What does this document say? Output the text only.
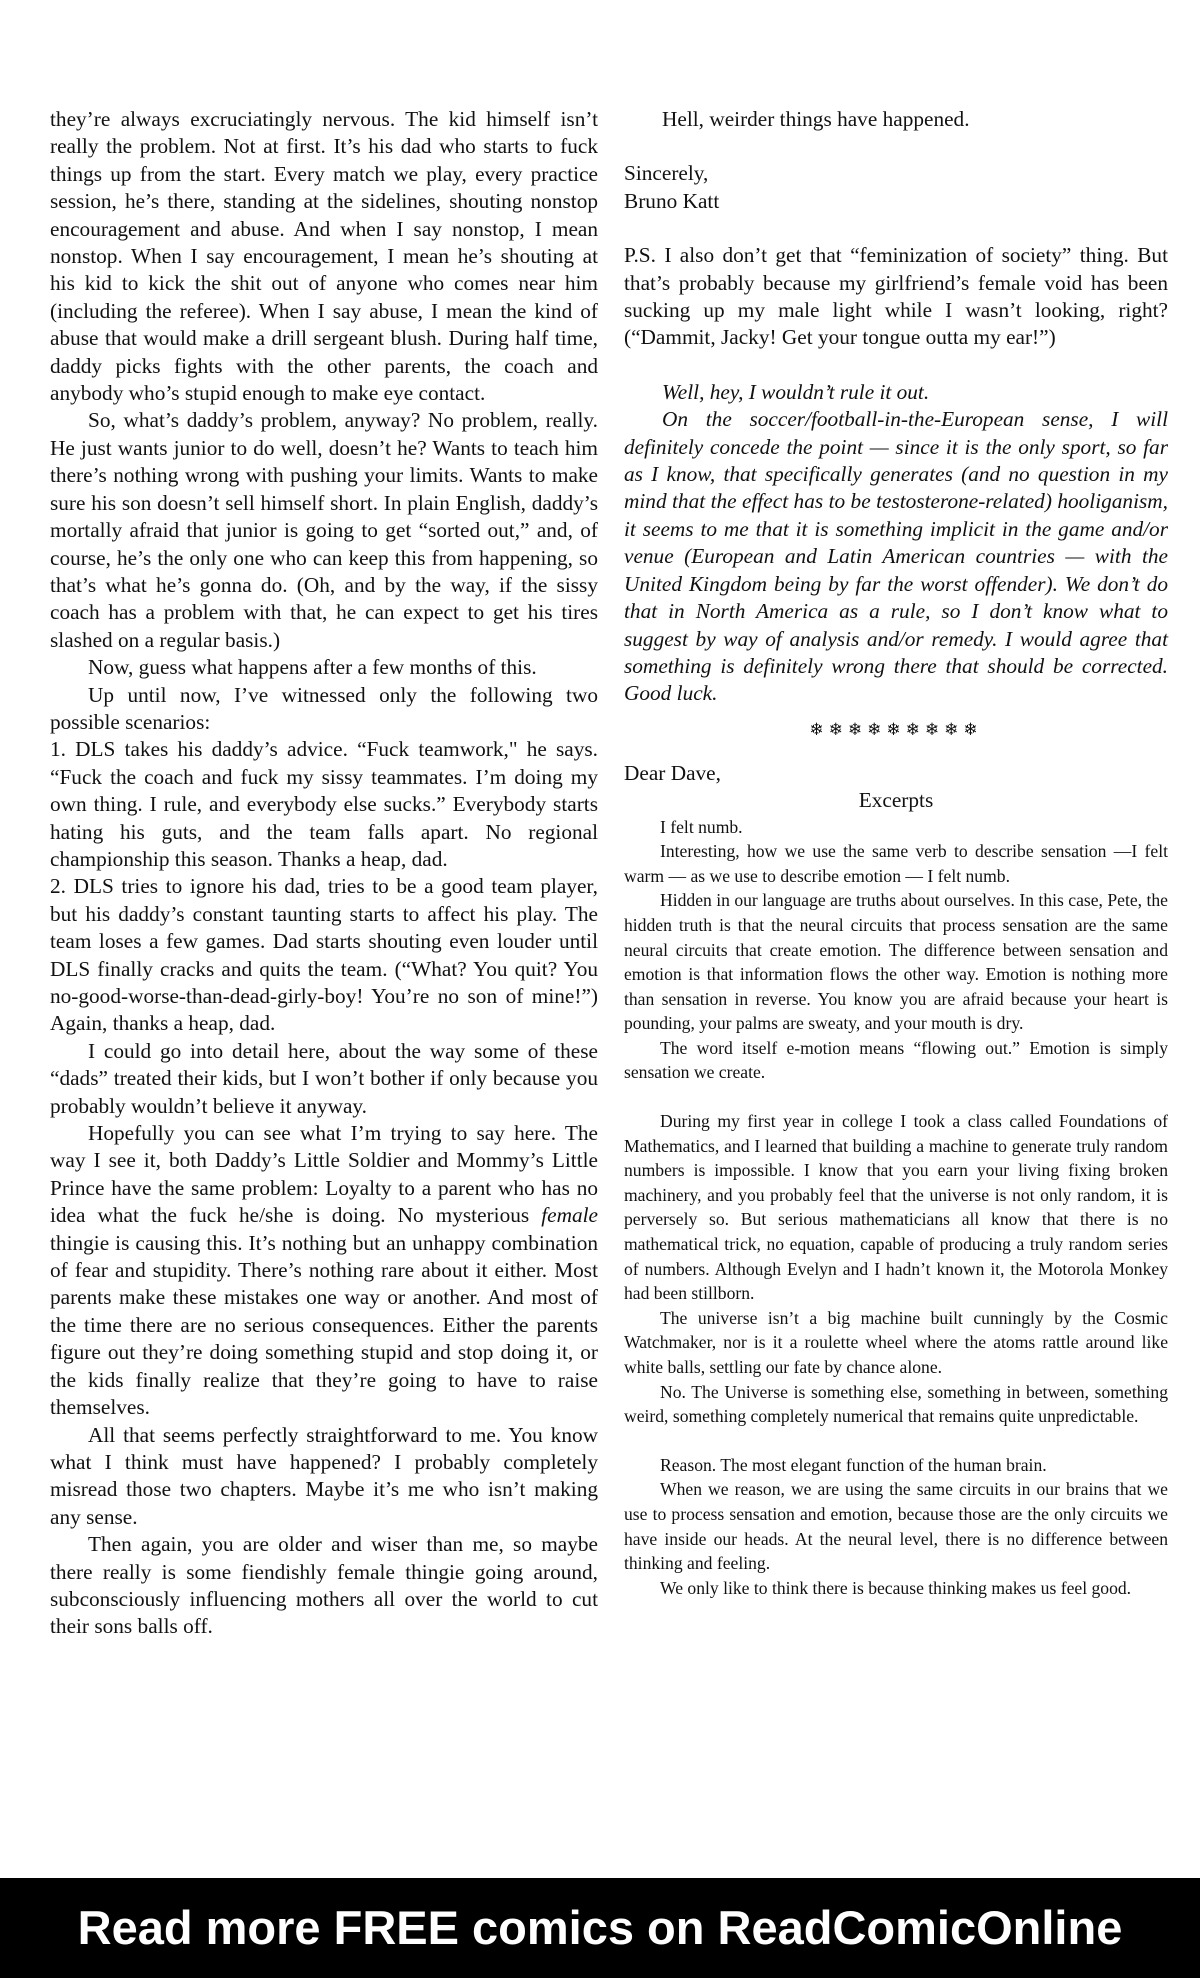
they’re always excruciatingly nervous. The kid himself isn’t really the problem. Not at first. It’s his dad who starts to fuck things up from the start. Every match we play, every practice session, he’s there, standing at the sidelines, shouting nonstop encouragement and abuse. And when I say nonstop, I mean nonstop. When I say encouragement, I mean he’s shouting at his kid to kick the shit out of anyone who comes near him (including the referee). When I say abuse, I mean the kind of abuse that would make a drill sergeant blush. During half time, daddy picks fights with the other parents, the coach and anybody who’s stupid enough to make eye contact.

So, what’s daddy’s problem, anyway? No problem, really. He just wants junior to do well, doesn’t he? Wants to teach him there’s nothing wrong with pushing your limits. Wants to make sure his son doesn’t sell himself short. In plain English, daddy’s mortally afraid that junior is going to get “sorted out,” and, of course, he’s the only one who can keep this from happening, so that’s what he’s gonna do. (Oh, and by the way, if the sissy coach has a problem with that, he can expect to get his tires slashed on a regular basis.)

Now, guess what happens after a few months of this.

Up until now, I’ve witnessed only the following two possible scenarios:

1. DLS takes his daddy’s advice. “Fuck teamwork," he says. “Fuck the coach and fuck my sissy teammates. I’m doing my own thing. I rule, and everybody else sucks.” Everybody starts hating his guts, and the team falls apart. No regional championship this season. Thanks a heap, dad.

2. DLS tries to ignore his dad, tries to be a good team player, but his daddy’s constant taunting starts to affect his play. The team loses a few games. Dad starts shouting even louder until DLS finally cracks and quits the team. (“What? You quit? You no-good-worse-than-dead-girly-boy! You’re no son of mine!”) Again, thanks a heap, dad.

I could go into detail here, about the way some of these “dads” treated their kids, but I won’t bother if only because you probably wouldn’t believe it anyway.

Hopefully you can see what I’m trying to say here. The way I see it, both Daddy’s Little Soldier and Mommy’s Little Prince have the same problem: Loyalty to a parent who has no idea what the fuck he/she is doing. No mysterious female thingie is causing this. It’s nothing but an unhappy combination of fear and stupidity. There’s nothing rare about it either. Most parents make these mistakes one way or another. And most of the time there are no serious consequences. Either the parents figure out they’re doing something stupid and stop doing it, or the kids finally realize that they’re going to have to raise themselves.

All that seems perfectly straightforward to me. You know what I think must have happened? I probably completely misread those two chapters. Maybe it’s me who isn’t making any sense.

Then again, you are older and wiser than me, so maybe there really is some fiendishly female thingie going around, subconsciously influencing mothers all over the world to cut their sons balls off.

Hell, weirder things have happened.

Sincerely,

Bruno Katt

P.S. I also don’t get that “feminization of society” thing. But that’s probably because my girlfriend’s female void has been sucking up my male light while I wasn’t looking, right? (“Dammit, Jacky! Get your tongue outta my ear!”)

Well, hey, I wouldn’t rule it out.

On the soccer/football-in-the-European sense, I will definitely concede the point — since it is the only sport, so far as I know, that specifically generates (and no question in my mind that the effect has to be testosterone-related) hooliganism, it seems to me that it is something implicit in the game and/or venue (European and Latin American countries — with the United Kingdom being by far the worst offender). We don’t do that in North America as a rule, so I don’t know what to suggest by way of analysis and/or remedy. I would agree that something is definitely wrong there that should be corrected. Good luck.

❄❄❄❄❄❄❄❄❄

Dear Dave,

Excerpts

I felt numb.

Interesting, how we use the same verb to describe sensation —I felt warm — as we use to describe emotion — I felt numb.

Hidden in our language are truths about ourselves. In this case, Pete, the hidden truth is that the neural circuits that process sensation are the same neural circuits that create emotion. The difference between sensation and emotion is that information flows the other way. Emotion is nothing more than sensation in reverse. You know you are afraid because your heart is pounding, your palms are sweaty, and your mouth is dry.

The word itself e-motion means “flowing out.” Emotion is simply sensation we create.

During my first year in college I took a class called Foundations of Mathematics, and I learned that building a machine to generate truly random numbers is impossible. I know that you earn your living fixing broken machinery, and you probably feel that the universe is not only random, it is perversely so. But serious mathematicians all know that there is no mathematical trick, no equation, capable of producing a truly random series of numbers. Although Evelyn and I hadn’t known it, the Motorola Monkey had been stillborn.

The universe isn’t a big machine built cunningly by the Cosmic Watchmaker, nor is it a roulette wheel where the atoms rattle around like white balls, settling our fate by chance alone.

No. The Universe is something else, something in between, something weird, something completely numerical that remains quite unpredictable.

Reason. The most elegant function of the human brain.

When we reason, we are using the same circuits in our brains that we use to process sensation and emotion, because those are the only circuits we have inside our heads. At the neural level, there is no difference between thinking and feeling.

We only like to think there is because thinking makes us feel good.

Read more FREE comics on ReadComicOnline
